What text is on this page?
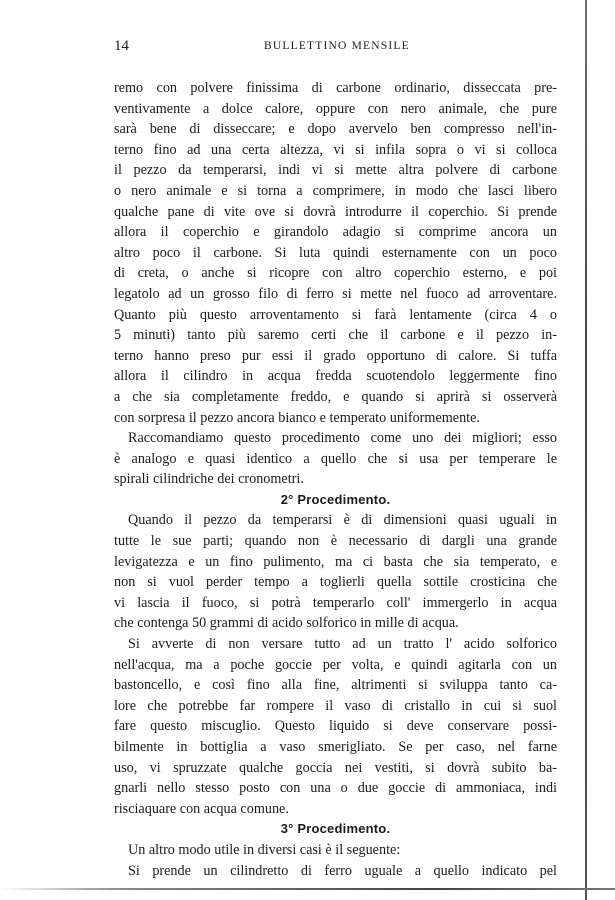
14	BULLETTINO MENSILE
remo con polvere finissima di carbone ordinario, disseccata pre-
ventivamente a dolce calore, oppure con nero animale, che pure
sarà bene di disseccare; e dopo avervelo ben compresso nell'in-
terno fino ad una certa altezza, vi si infila sopra o vi si colloca
il pezzo da temperarsi, indi vi si mette altra polvere di carbone
o nero animale e si torna a comprimere, in modo che lasci libero
qualche pane di vite ove si dovrà introdurre il coperchio. Si prende
allora il coperchio e girandolo adagio si comprime ancora un
altro poco il carbone. Si luta quindi esternamente con un poco
di creta, o anche si ricopre con altro coperchio esterno, e poi
legatolo ad un grosso filo di ferro si mette nel fuoco ad arroventare.
Quanto più questo arroventamento si farà lentamente (circa 4 o
5 minuti) tanto più saremo certi che il carbone e il pezzo in-
terno hanno preso pur essi il grado opportuno di calore. Si tuffa
allora il cilindro in acqua fredda scuotendolo leggermente fino
a che sia completamente freddo, e quando si aprirà si osserverà
con sorpresa il pezzo ancora bianco e temperato uniformemente.
Raccomandiamo questo procedimento come uno dei migliori; esso
è analogo e quasi identico a quello che si usa per temperare le
spirali cilindriche dei cronometri.
2° Procedimento.
Quando il pezzo da temperarsi è di dimensioni quasi uguali in
tutte le sue parti; quando non è necessario di dargli una grande
levigatezza e un fino pulimento, ma ci basta che sia temperato, e
non si vuol perder tempo a toglierli quella sottile crosticina che
vi lascia il fuoco, si potrà temperarlo coll' immergerlo in acqua
che contenga 50 grammi di acido solforico in mille di acqua.
Si avverte di non versare tutto ad un tratto l' acido solforico
nell'acqua, ma a poche goccie per volta, e quindi agitarla con un
bastoncello, e così fino alla fine, altrimenti si sviluppa tanto ca-
lore che potrebbe far rompere il vaso di cristallo in cui si suol
fare questo miscuglio. Questo liquido si deve conservare possi-
bilmente in bottiglia a vaso smerigliato. Se per caso, nel farne
uso, vi spruzzate qualche goccia nei vestiti, si dovrà subito ba-
gnarli nello stesso posto con una o due goccie di ammoniaca, indi
risciaquare con acqua comune.
3° Procedimento.
Un altro modo utile in diversi casi è il seguente:
Si prende un cilindretto di ferro uguale a quello indicato pel
